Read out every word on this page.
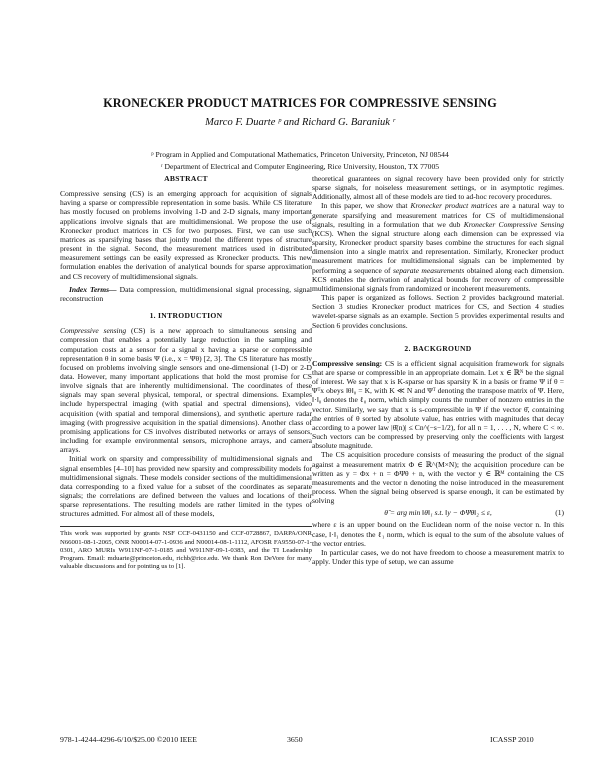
KRONECKER PRODUCT MATRICES FOR COMPRESSIVE SENSING
Marco F. Duarte ᵖ and Richard G. Baraniuk ʳ
ᵖ Program in Applied and Computational Mathematics, Princeton University, Princeton, NJ 08544
ʳ Department of Electrical and Computer Engineering, Rice University, Houston, TX 77005
ABSTRACT

Compressive sensing (CS) is an emerging approach for acquisition of signals having a sparse or compressible representation in some basis. While CS literature has mostly focused on problems involving 1-D and 2-D signals, many important applications involve signals that are multidimensional. We propose the use of Kronecker product matrices in CS for two purposes. First, we can use such matrices as sparsifying bases that jointly model the different types of structure present in the signal. Second, the measurement matrices used in distributed measurement settings can be easily expressed as Kronecker products. This new formulation enables the derivation of analytical bounds for sparse approximation and CS recovery of multidimensional signals.

Index Terms— Data compression, multidimensional signal processing, signal reconstruction

1. INTRODUCTION

Compressive sensing (CS) is a new approach to simultaneous sensing and compression that enables a potentially large reduction in the sampling and computation costs at a sensor for a signal x having a sparse or compressible representation θ in some basis Ψ (i.e., x = Ψθ) [2, 3]. The CS literature has mostly focused on problems involving single sensors and one-dimensional (1-D) or 2-D data. However, many important applications that hold the most promise for CS involve signals that are inherently multidimensional. The coordinates of these signals may span several physical, temporal, or spectral dimensions. Examples include hyperspectral imaging (with spatial and spectral dimensions), video acquisition (with spatial and temporal dimensions), and synthetic aperture radar imaging (with progressive acquisition in the spatial dimensions). Another class of promising applications for CS involves distributed networks or arrays of sensors, including for example environmental sensors, microphone arrays, and camera arrays.

Initial work on sparsity and compressibility of multidimensional signals and signal ensembles [4–10] has provided new sparsity and compressibility models for multidimensional signals. These models consider sections of the multidimensional data corresponding to a fixed value for a subset of the coordinates as separate signals; the correlations are defined between the values and locations of their sparse representations. The resulting models are rather limited in the types of structures admitted. For almost all of these models,

This work was supported by grants NSF CCF-0431150 and CCF-0728867, DARPA/ONR N66001-08-1-2065, ONR N00014-07-1-0936 and N00014-08-1-1112, AFOSR FA9550-07-1-0301, ARO MURIs W911NF-07-1-0185 and W911NF-09-1-0383, and the TI Leadership Program. Email: mduarte@princeton.edu, richb@rice.edu. We thank Ron DeVore for many valuable discussions and for pointing us to [1].

theoretical guarantees on signal recovery have been provided only for strictly sparse signals, for noiseless measurement settings, or in asymptotic regimes. Additionally, almost all of these models are tied to ad-hoc recovery procedures.

In this paper, we show that Kronecker product matrices are a natural way to generate sparsifying and measurement matrices for CS of multidimensional signals, resulting in a formulation that we dub Kronecker Compressive Sensing (KCS). When the signal structure along each dimension can be expressed via sparsity, Kronecker product sparsity bases combine the structures for each signal dimension into a single matrix and representation. Similarly, Kronecker product measurement matrices for multidimensional signals can be implemented by performing a sequence of separate measurements obtained along each dimension. KCS enables the derivation of analytical bounds for recovery of compressible multidimensional signals from randomized or incoherent measurements.

This paper is organized as follows. Section 2 provides background material. Section 3 studies Kronecker product matrices for CS, and Section 4 studies wavelet-sparse signals as an example. Section 5 provides experimental results and Section 6 provides conclusions.

2. BACKGROUND

Compressive sensing: CS is a efficient signal acquisition framework for signals that are sparse or compressible in an appropriate domain. Let x ∈ ℝᴺ be the signal of interest. We say that x is K-sparse or has sparsity K in a basis or frame Ψ if θ = Ψᵀx obeys ‖θ‖₀ = K, with K ≪ N and Ψᵀ denoting the transpose matrix of Ψ. Here, ‖·‖₀ denotes the ℓ₀ norm, which simply counts the number of nonzero entries in the vector. Similarly, we say that x is s-compressible in Ψ if the vector θ̂, containing the entries of θ sorted by absolute value, has entries with magnitudes that decay according to a power law |θ̂(n)| ≤ Cn^(−s−1/2), for all n = 1, . . . , N, where C < ∞. Such vectors can be compressed by preserving only the coefficients with largest absolute magnitude.

The CS acquisition procedure consists of measuring the product of the signal against a measurement matrix Φ ∈ ℝ^(M×N); the acquisition procedure can be written as y = Φx + n = ΦΨθ + n, with the vector y ∈ ℝᴹ containing the CS measurements and the vector n denoting the noise introduced in the measurement process. When the signal being observed is sparse enough, it can be estimated by solving

θ̂ = arg min ‖θ‖₁ s.t. ‖y − ΦΨθ‖₂ ≤ ε,	(1)

where ε is an upper bound on the Euclidean norm of the noise vector n. In this case, ‖·‖₁ denotes the ℓ₁ norm, which is equal to the sum of the absolute values of the vector entries.

In particular cases, we do not have freedom to choose a measurement matrix to apply. Under this type of setup, we can assume

978-1-4244-4296-6/10/$25.00 ©2010 IEEE	3650	ICASSP 2010
